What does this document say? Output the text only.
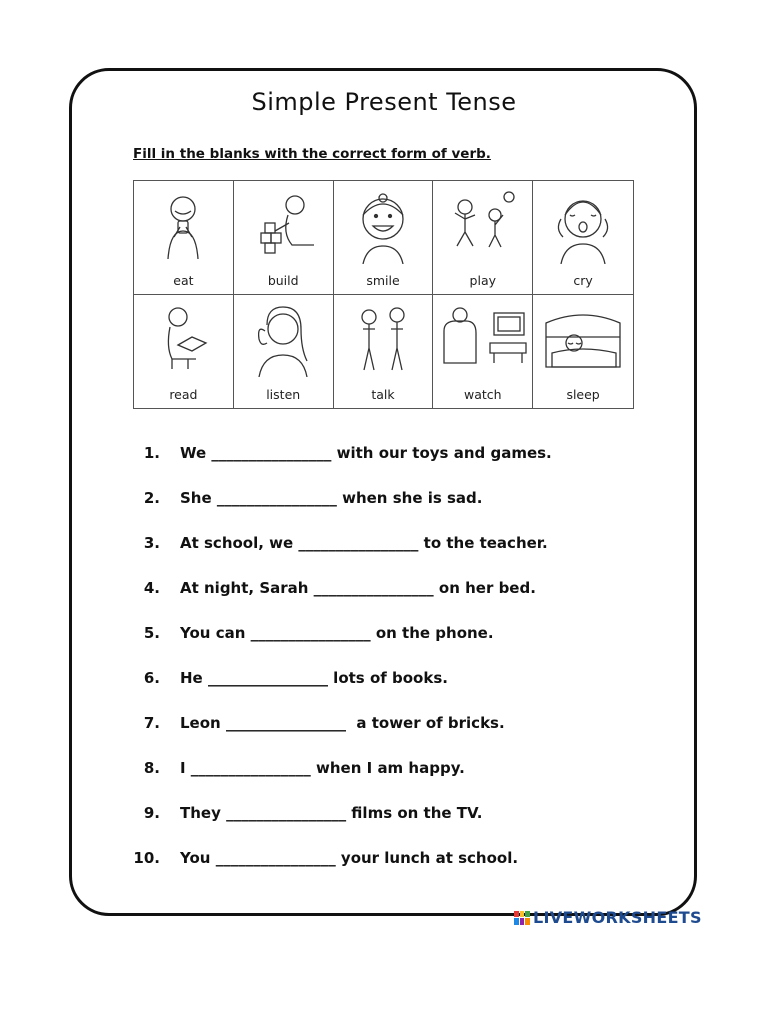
Simple Present Tense
Fill in the blanks with the correct form of verb.
eat	build	smile	play	cry
read	listen	talk	watch	sleep
1. We ________________ with our toys and games.
2. She ________________ when she is sad.
3. At school, we ________________ to the teacher.
4. At night, Sarah ________________ on her bed.
5. You can ________________ on the phone.
6. He ________________ lots of books.
7. Leon ________________  a tower of bricks.
8. I ________________ when I am happy.
9. They ________________ films on the TV.
10. You ________________ your lunch at school.
LIVEWORKSHEETS
